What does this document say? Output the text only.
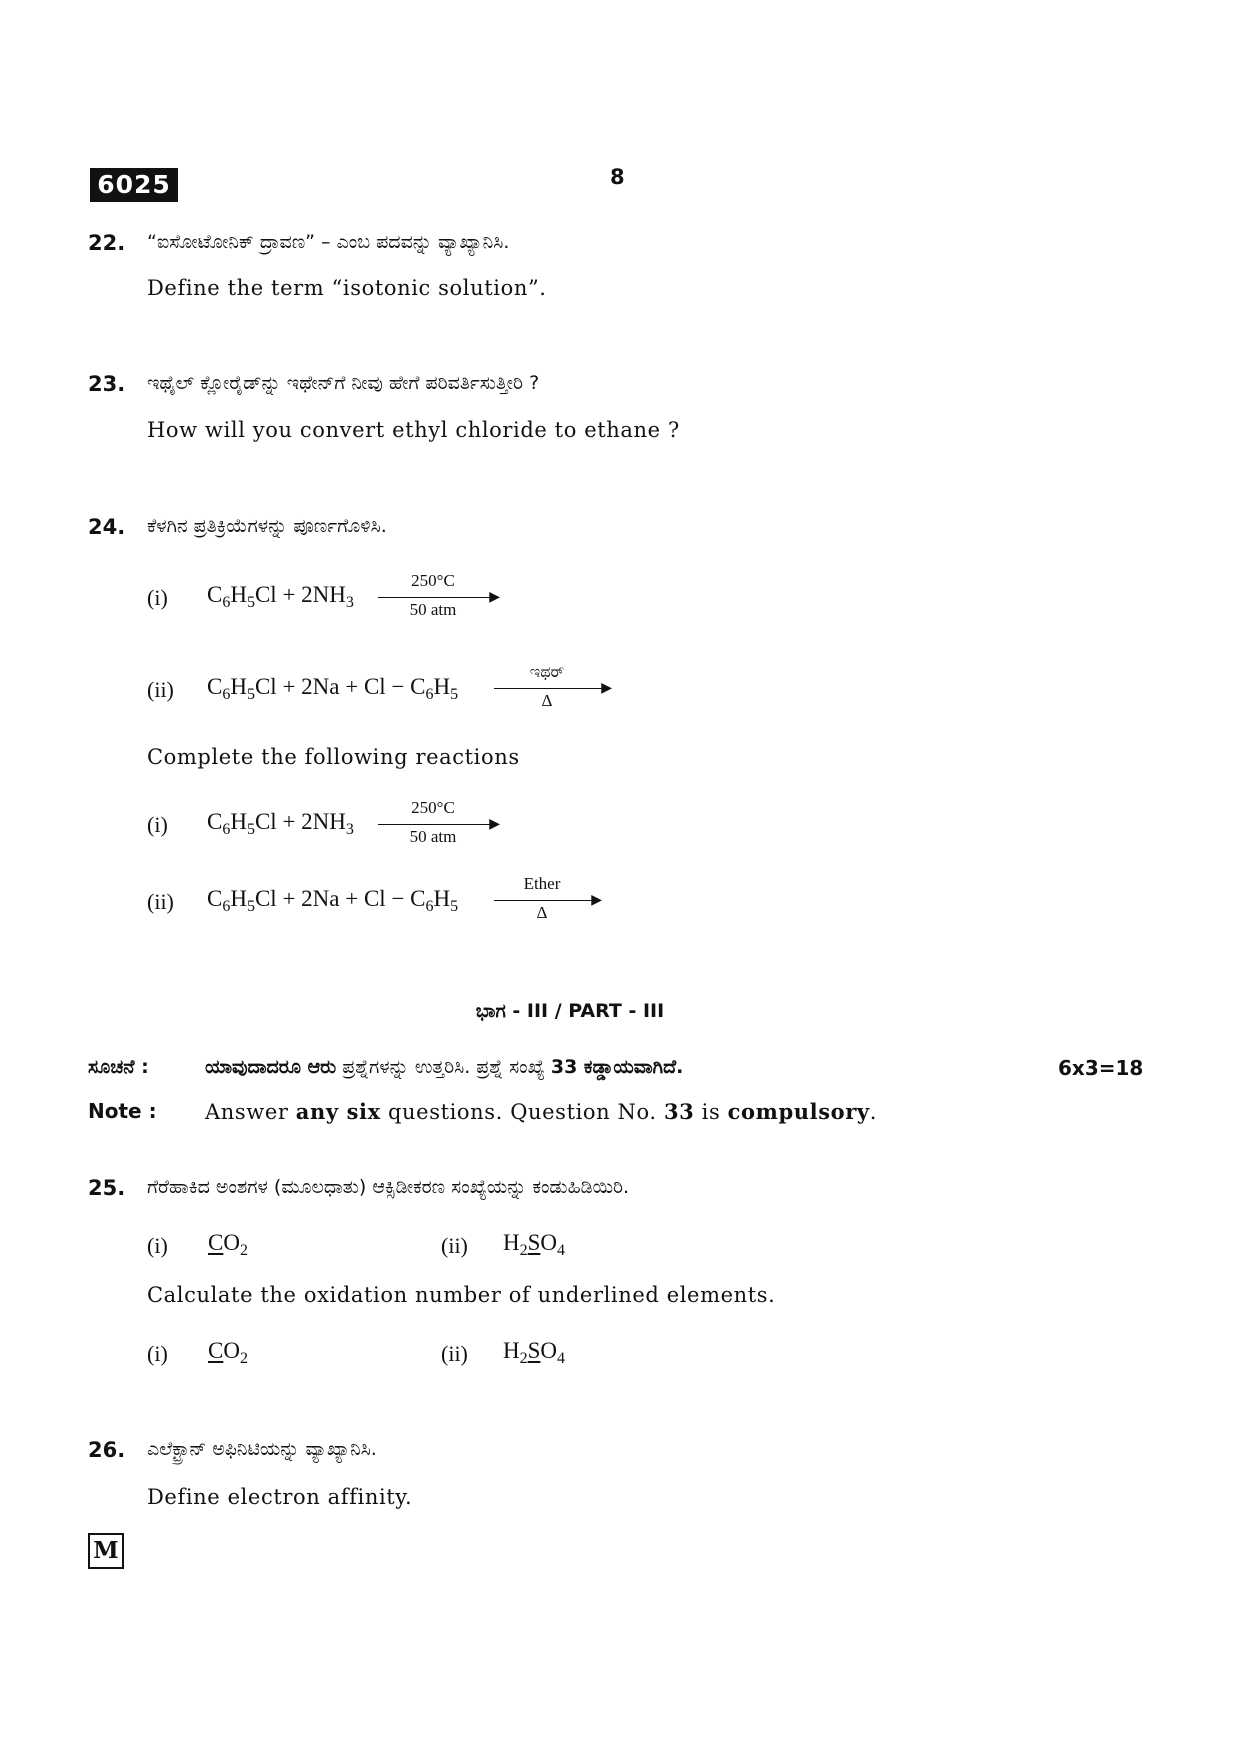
6025	8
22. “ಐಸೋಟೋನಿಕ್ ದ್ರಾವಣ” – ಎಂಬ ಪದವನ್ನು ವ್ಯಾಖ್ಯಾನಿಸಿ.
Define the term “isotonic solution”.
23. ಇಥೈಲ್ ಕ್ಲೋರೈಡ್‌ನ್ನು ಇಥೇನ್‌ಗೆ ನೀವು ಹೇಗೆ ಪರಿವರ್ತಿಸುತ್ತೀರಿ ?
How will you convert ethyl chloride to ethane ?
24. ಕೆಳಗಿನ ಪ್ರತಿಕ್ರಿಯೆಗಳನ್ನು ಪೂರ್ಣಗೊಳಿಸಿ.
(i) $C_6H_5Cl + 2NH_3$
250°C
▶
50 atm
(ii) $C_6H_5Cl + 2Na + Cl - C_6H_5$
ಇಥರ್
▶
Δ
Complete the following reactions
(i) $C_6H_5Cl + 2NH_3$
250°C
▶
50 atm
(ii) $C_6H_5Cl + 2Na + Cl - C_6H_5$
Ether
▶
Δ
ಭಾಗ - III / PART - III
ಸೂಚನೆ :	ಯಾವುದಾದರೂ ಆರು ಪ್ರಶ್ನೆಗಳನ್ನು ಉತ್ತರಿಸಿ. ಪ್ರಶ್ನೆ ಸಂಖ್ಯೆ 33 ಕಡ್ಡಾಯವಾಗಿದೆ.	6x3=18
Note : Answer any six questions. Question No. 33 is compulsory.
25. ಗೆರೆಹಾಕಿದ ಅಂಶಗಳ (ಮೂಲಧಾತು) ಆಕ್ಸಿಡೀಕರಣ ಸಂಖ್ಯೆಯನ್ನು ಕಂಡುಹಿಡಿಯಿರಿ.
(i) $CO_2$	(ii) $H_2SO_4$
Calculate the oxidation number of underlined elements.
(i) $CO_2$	(ii) $H_2SO_4$
26. ಎಲೆಕ್ಟ್ರಾನ್ ಅಫಿನಿಟಿಯನ್ನು ವ್ಯಾಖ್ಯಾನಿಸಿ.
Define electron affinity.
M
